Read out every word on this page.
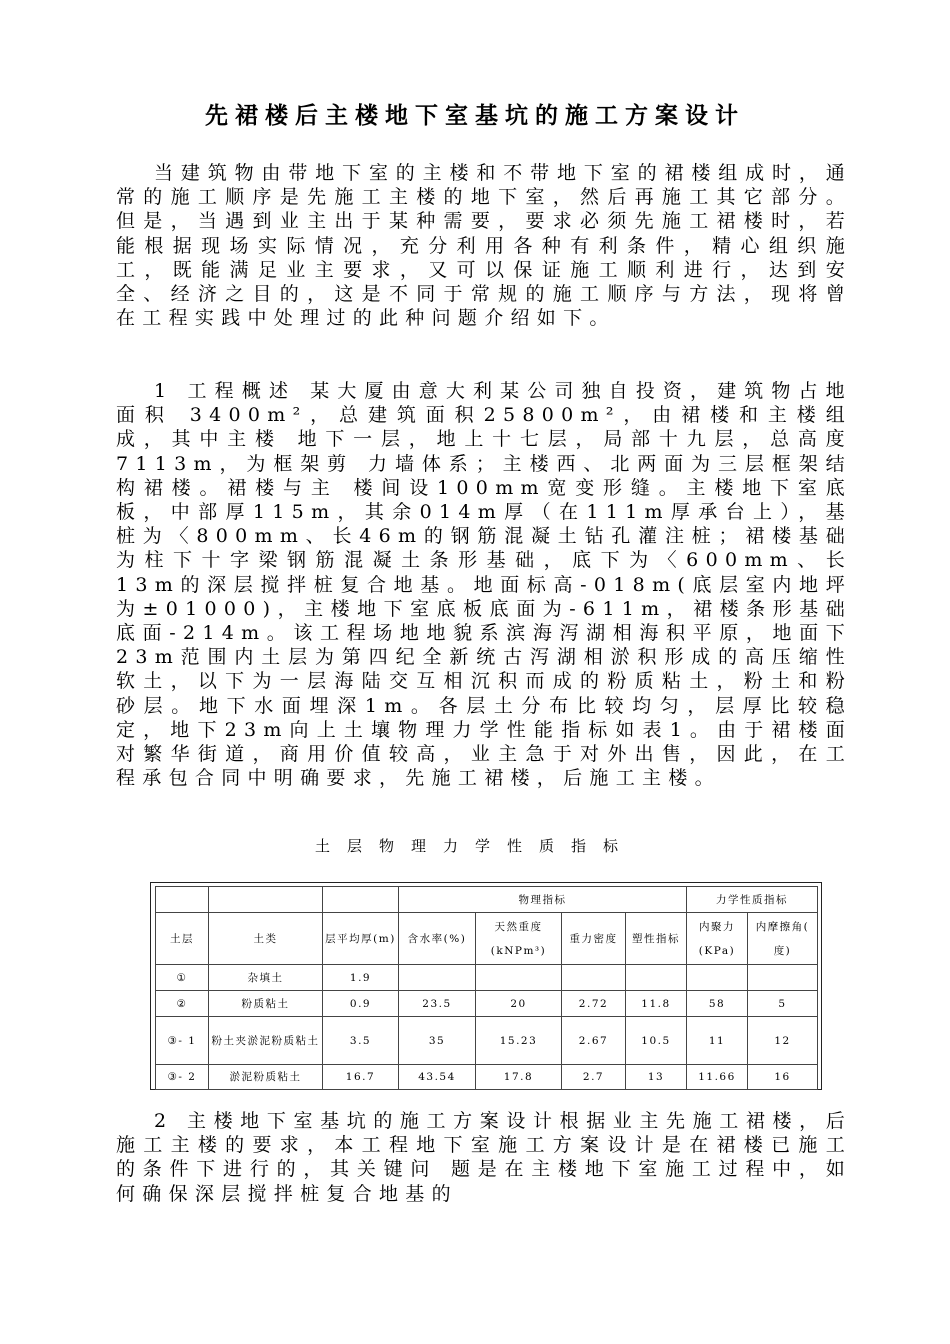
先裙楼后主楼地下室基坑的施工方案设计

当建筑物由带地下室的主楼和不带地下室的裙楼组成时，通常的施工顺序是先施工主楼的地下室，然后再施工其它部分。但是，当遇到业主出于某种需要，要求必须先施工裙楼时，若能根据现场实际情况，充分利用各种有利条件，精心组织施工，既能满足业主要求，又可以保证施工顺利进行，达到安全、经济之目的，这是不同于常规的施工顺序与方法，现将曾在工程实践中处理过的此种问题介绍如下。

1 工程概述 某大厦由意大利某公司独自投资，建筑物占地面积 3400m²，总建筑面积25800m²，由裙楼和主楼组成，其中主楼 地下一层，地上十七层，局部十九层，总高度7113m，为框架剪 力墙体系；主楼西、北两面为三层框架结构裙楼。裙楼与主 楼间设100mm宽变形缝。主楼地下室底板，中部厚115m，其余014m厚（在111m厚承台上），基桩为〈800mm、长46m的钢筋混凝土钻孔灌注桩；裙楼基础为柱下十字梁钢筋混凝土条形基础，底下为〈600mm、长13m的深层搅拌桩复合地基。地面标高-018m(底层室内地坪为±01000)，主楼地下室底板底面为-611m，裙楼条形基础底面-214m。该工程场地地貌系滨海泻湖相海积平原，地面下23m范围内土层为第四纪全新统古泻湖相淤积形成的高压缩性软土，以下为一层海陆交互相沉积而成的粉质粘土，粉土和粉砂层。地下水面埋深1m。各层土分布比较均匀，层厚比较稳定，地下23m向上土壤物理力学性能指标如表1。由于裙楼面对繁华街道，商用价值较高，业主急于对外出售，因此，在工程承包合同中明确要求，先施工裙楼，后施工主楼。

土层物理力学性质指标
			物理指标				力学性质指标	
土层	土类	层平均厚(m)	含水率(%)	天然重度(kNPm³)	重力密度	塑性指标	内聚力(KPa)	内摩擦角( 度)
①	杂填土	1.9						
②	粉质粘土	0.9	23.5	20	2.72	11.8	58	5
③- 1	粉土夹淤泥粉质粘土	3.5	35	15.23	2.67	10.5	11	12
③- 2	淤泥粉质粘土	16.7	43.54	17.8	2.7	13	11.66	16

2 主楼地下室基坑的施工方案设计根据业主先施工裙楼，后施工主楼的要求，本工程地下室施工方案设计是在裙楼已施工的条件下进行的，其关键问 题是在主楼地下室施工过程中，如何确保深层搅拌桩复合地基的
